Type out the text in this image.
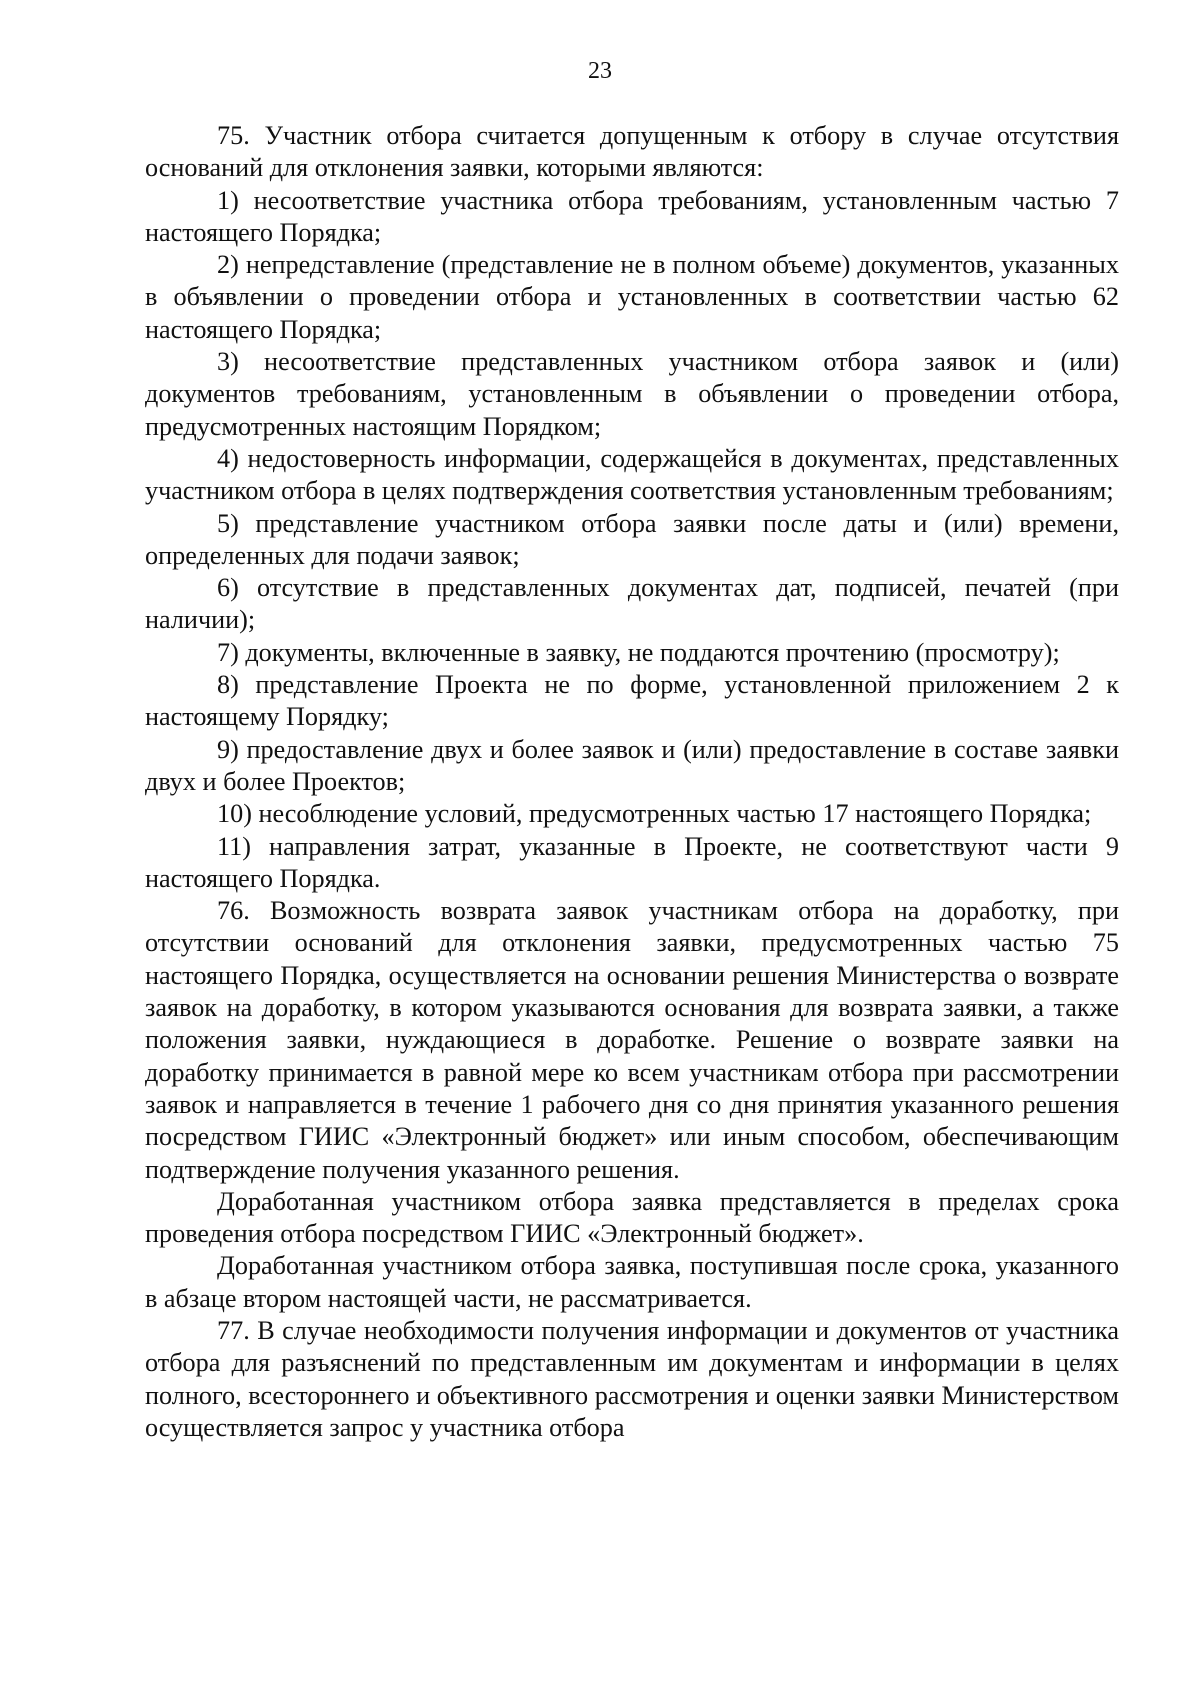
23

75. Участник отбора считается допущенным к отбору в случае отсутствия оснований для отклонения заявки, которыми являются:

1) несоответствие участника отбора требованиям, установленным частью 7 настоящего Порядка;

2) непредставление (представление не в полном объеме) документов, указанных в объявлении о проведении отбора и установленных в соответствии частью 62 настоящего Порядка;

3) несоответствие представленных участником отбора заявок и (или) документов требованиям, установленным в объявлении о проведении отбора, предусмотренных настоящим Порядком;

4) недостоверность информации, содержащейся в документах, представленных участником отбора в целях подтверждения соответствия установленным требованиям;

5) представление участником отбора заявки после даты и (или) времени, определенных для подачи заявок;

6) отсутствие в представленных документах дат, подписей, печатей (при наличии);

7) документы, включенные в заявку, не поддаются прочтению (просмотру);

8) представление Проекта не по форме, установленной приложением 2 к настоящему Порядку;

9) предоставление двух и более заявок и (или) предоставление в составе заявки двух и более Проектов;

10) несоблюдение условий, предусмотренных частью 17 настоящего Порядка;

11) направления затрат, указанные в Проекте, не соответствуют части 9 настоящего Порядка.

76. Возможность возврата заявок участникам отбора на доработку, при отсутствии оснований для отклонения заявки, предусмотренных частью 75 настоящего Порядка, осуществляется на основании решения Министерства о возврате заявок на доработку, в котором указываются основания для возврата заявки, а также положения заявки, нуждающиеся в доработке. Решение о возврате заявки на доработку принимается в равной мере ко всем участникам отбора при рассмотрении заявок и направляется в течение 1 рабочего дня со дня принятия указанного решения посредством ГИИС «Электронный бюджет» или иным способом, обеспечивающим подтверждение получения указанного решения.

Доработанная участником отбора заявка представляется в пределах срока проведения отбора посредством ГИИС «Электронный бюджет».

Доработанная участником отбора заявка, поступившая после срока, указанного в абзаце втором настоящей части, не рассматривается.

77. В случае необходимости получения информации и документов от участника отбора для разъяснений по представленным им документам и информации в целях полного, всестороннего и объективного рассмотрения и оценки заявки Министерством осуществляется запрос у участника отбора
